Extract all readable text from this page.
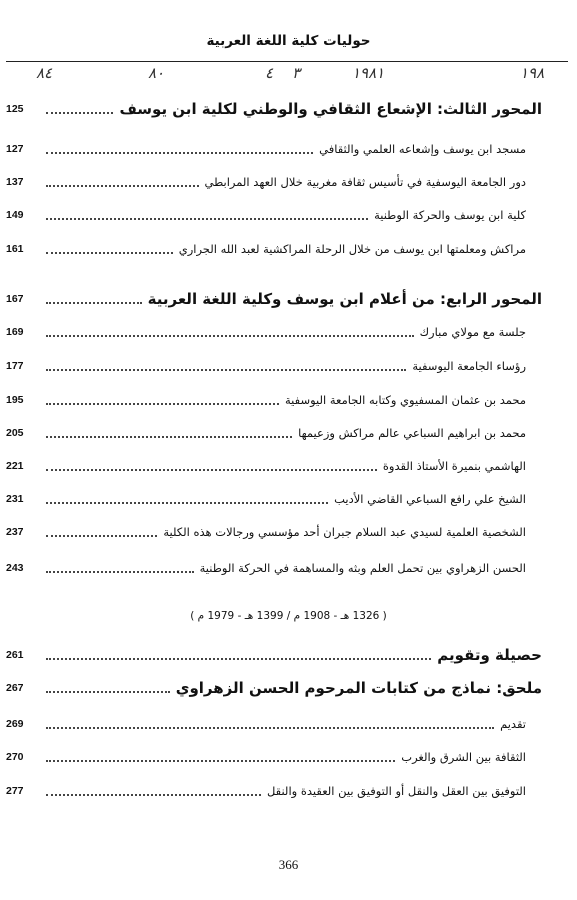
حوليات كلية اللغة العربية
٨٤	٨٠	٤ ٣	١٩٨١	١٩٨
125	المحور الثالث: الإشعاع الثقافي والوطني لكلية ابن يوسف
127	مسجد ابن يوسف وإشعاعه العلمي والثقافي
137	دور الجامعة اليوسفية في تأسيس ثقافة مغربية خلال العهد المرابطي
149	كلية ابن يوسف والحركة الوطنية
161	مراكش ومعلمتها ابن يوسف من خلال الرحلة المراكشية لعبد الله الجراري
167	المحور الرابع: من أعلام ابن يوسف وكلية اللغة العربية
169	جلسة مع مولاي مبارك
177	رؤساء الجامعة اليوسفية
195	محمد بن عثمان المسفيوي وكتابه الجامعة اليوسفية
205	محمد بن ابراهيم السباعي عالم مراكش وزعيمها
221	الهاشمي بنميرة الأستاذ القدوة
231	الشيخ علي رافع السباعي القاضي الأديب
237	الشخصية العلمية لسيدي عبد السلام جبران أحد مؤسسي ورجالات هذه الكلية
243	الحسن الزهراوي بين تحمل العلم وبثه والمساهمة في الحركة الوطنية
261	حصيلة وتقويم
267	ملحق: نماذج من كتابات المرحوم الحسن الزهراوي
269	تقديم
270	الثقافة بين الشرق والغرب
277	التوفيق بين العقل والنقل أو التوفيق بين العقيدة والنقل
( 1326 هـ - 1908 م / 1399 هـ - 1979 م )
366
